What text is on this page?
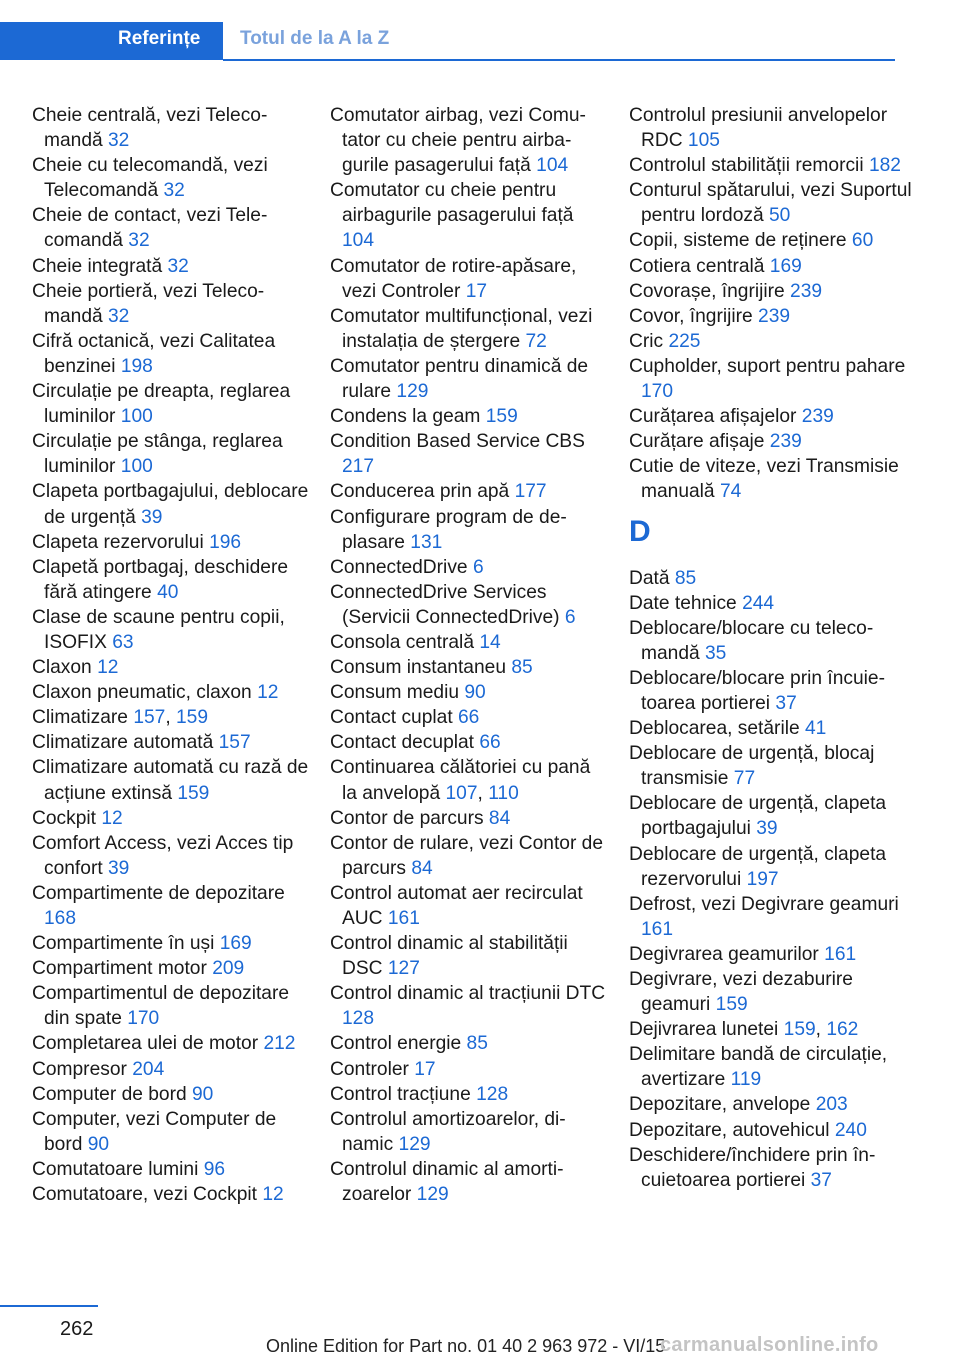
Referințe Totul de la A la Z

Cheie centrală, vezi Telecomandă 32

Cheie cu telecomandă, vezi Telecomandă 32

Cheie de contact, vezi Telecomandă 32

Cheie integrată 32

Cheie portieră, vezi Telecomandă 32

Cifră octanică, vezi Calitatea benzinei 198

Circulație pe dreapta, reglarea luminilor 100

Circulație pe stânga, reglarea luminilor 100

Clapeta portbagajului, deblocare de urgență 39

Clapeta rezervorului 196

Clapetă portbagaj, deschidere fără atingere 40

Clase de scaune pentru copii, ISOFIX 63

Claxon 12

Claxon pneumatic, claxon 12

Climatizare 157, 159

Climatizare automată 157

Climatizare automată cu rază de acțiune extinsă 159

Cockpit 12

Comfort Access, vezi Acces tip confort 39

Compartimente de depozitare 168

Compartimente în uși 169

Compartiment motor 209

Compartimentul de depozitare din spate 170

Completarea ulei de motor 212

Compresor 204

Computer de bord 90

Computer, vezi Computer de bord 90

Comutatoare lumini 96

Comutatoare, vezi Cockpit 12

Comutator airbag, vezi Comutator cu cheie pentru airbagurile pasagerului față 104

Comutator cu cheie pentru airbagurile pasagerului față 104

Comutator de rotire-apăsare, vezi Controler 17

Comutator multifuncțional, vezi instalația de ștergere 72

Comutator pentru dinamică de rulare 129

Condens la geam 159

Condition Based Service CBS 217

Conducerea prin apă 177

Configurare program de deplasare 131

ConnectedDrive 6

ConnectedDrive Services (Servicii ConnectedDrive) 6

Consola centrală 14

Consum instantaneu 85

Consum mediu 90

Contact cuplat 66

Contact decuplat 66

Continuarea călătoriei cu pană la anvelopă 107, 110

Contor de parcurs 84

Contor de rulare, vezi Contor de parcurs 84

Control automat aer recirculat AUC 161

Control dinamic al stabilității DSC 127

Control dinamic al tracțiunii DTC 128

Control energie 85

Controler 17

Control tracțiune 128

Controlul amortizoarelor, dinamic 129

Controlul dinamic al amortizoarelor 129

Controlul presiunii anvelopelor RDC 105

Controlul stabilității remorcii 182

Conturul spătarului, vezi Suportul pentru lordoză 50

Copii, sisteme de reținere 60

Cotiera centrală 169

Covorașe, îngrijire 239

Covor, îngrijire 239

Cric 225

Cupholder, suport pentru pahare 170

Curățarea afișajelor 239

Curățare afișaje 239

Cutie de viteze, vezi Transmisie manuală 74

D

Dată 85

Date tehnice 244

Deblocare/blocare cu telecomandă 35

Deblocare/blocare prin încuietoarea portierei 37

Deblocarea, setările 41

Deblocare de urgență, blocaj transmisie 77

Deblocare de urgență, clapeta portbagajului 39

Deblocare de urgență, clapeta rezervorului 197

Defrost, vezi Degivrare geamuri 161

Degivrarea geamurilor 161

Degivrare, vezi dezaburire geamuri 159

Dejivrarea lunetei 159, 162

Delimitare bandă de circulație, avertizare 119

Depozitare, anvelope 203

Depozitare, autovehicul 240

Deschidere/închidere prin încuietoarea portierei 37

262
Online Edition for Part no. 01 40 2 963 972 - VI/15
carmanualsonline.info
